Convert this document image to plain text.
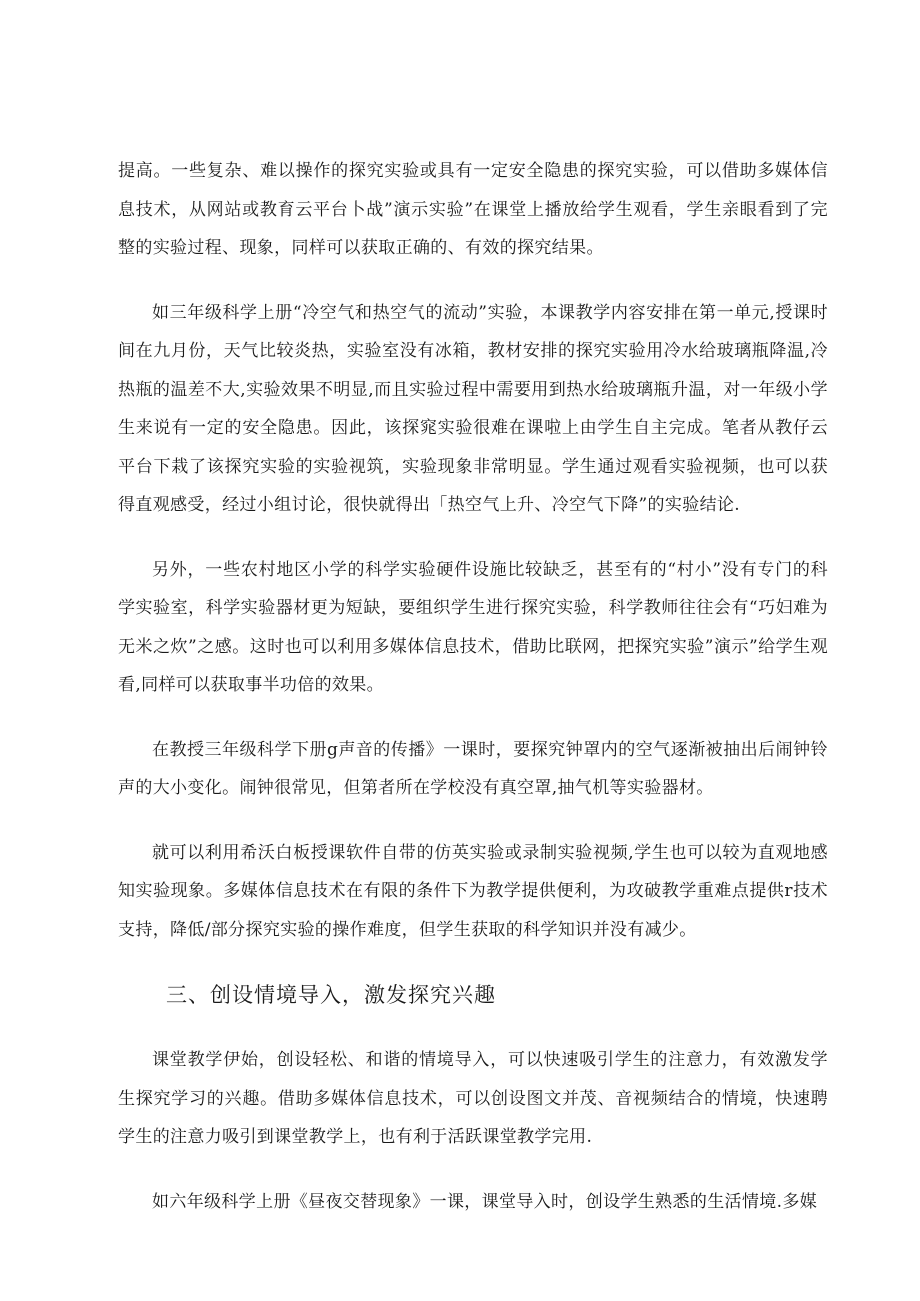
提高。一些复杂、难以操作的探究实验或具有一定安全隐患的探究实验，可以借助多媒体信息技术，从网站或教育云平台卜战”演示实验”在课堂上播放给学生观看，学生亲眼看到了完整的实验过程、现象，同样可以获取正确的、有效的探究结果。

如三年级科学上册“冷空气和热空气的流动”实验，本课教学内容安排在第一单元,授课时间在九月份，天气比较炎热，实验室没有冰箱，教材安排的探究实验用冷水给玻璃瓶降温,冷热瓶的温差不大,实验效果不明显,而且实验过程中需要用到热水给玻璃瓶升温，对一年级小学生来说有一定的安全隐患。因此，该探窕实验很难在课啦上由学生自主完成。笔者从教仔云平台下栽了该探究实验的实验视筑，实验现象非常明显。学生通过观看实验视频，也可以获得直观感受，经过小组讨论，很快就得出「热空气上升、冷空气下降”的实验结论.

另外，一些农村地区小学的科学实验硬件设施比较缺乏，甚至有的“村小”没有专门的科学实验室，科学实验器材更为短缺，要组织学生进行探究实验，科学教师往往会有“巧妇难为无米之炊”之感。这时也可以利用多媒体信息技术，借助比联网，把探究实验”演示”给学生观看,同样可以获取事半功倍的效果。

在教授三年级科学下册g声音的传播》一课时，要探究钟罩内的空气逐渐被抽出后闹钟铃声的大小变化。闹钟很常见，但第者所在学校没有真空罩,抽气机等实验器材。

就可以利用希沃白板授课软件自带的仿英实验或录制实验视频,学生也可以较为直观地感知实验现象。多媒体信息技术在有限的条件下为教学提供便利，为攻破教学重难点提供r技术支持，降低/部分探究实验的操作难度，但学生获取的科学知识并没有减少。

三、创设情境导入，激发探究兴趣

课堂教学伊始，创设轻松、和谐的情境导入，可以快速吸引学生的注意力，有效激发学生探究学习的兴趣。借助多媒体信息技术，可以创设图文并茂、音视频结合的情境，快速聘学生的注意力吸引到课堂教学上，也有利于活跃课堂教学完用.

如六年级科学上册《昼夜交替现象》一课，课堂导入时，创设学生熟悉的生活情境.多媒
